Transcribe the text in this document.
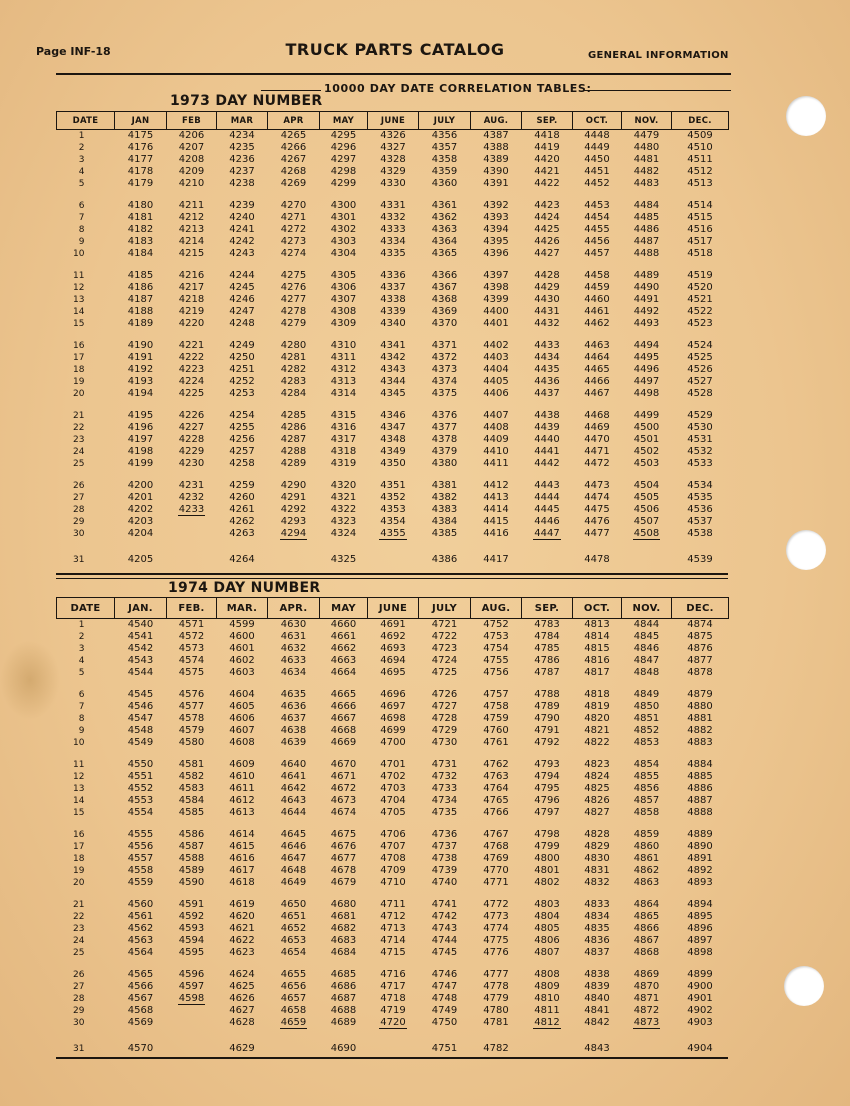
Page INF-18	TRUCK PARTS CATALOG	GENERAL INFORMATION
10000 DAY DATE CORRELATION TABLES:
1973 DAY NUMBER
DATE	JAN	FEB	MAR	APR	MAY	JUNE	JULY	AUG.	SEP.	OCT.	NOV.	DEC.
1	4175	4206	4234	4265	4295	4326	4356	4387	4418	4448	4479	4509
2	4176	4207	4235	4266	4296	4327	4357	4388	4419	4449	4480	4510
3	4177	4208	4236	4267	4297	4328	4358	4389	4420	4450	4481	4511
4	4178	4209	4237	4268	4298	4329	4359	4390	4421	4451	4482	4512
5	4179	4210	4238	4269	4299	4330	4360	4391	4422	4452	4483	4513

6	4180	4211	4239	4270	4300	4331	4361	4392	4423	4453	4484	4514
7	4181	4212	4240	4271	4301	4332	4362	4393	4424	4454	4485	4515
8	4182	4213	4241	4272	4302	4333	4363	4394	4425	4455	4486	4516
9	4183	4214	4242	4273	4303	4334	4364	4395	4426	4456	4487	4517
10	4184	4215	4243	4274	4304	4335	4365	4396	4427	4457	4488	4518

11	4185	4216	4244	4275	4305	4336	4366	4397	4428	4458	4489	4519
12	4186	4217	4245	4276	4306	4337	4367	4398	4429	4459	4490	4520
13	4187	4218	4246	4277	4307	4338	4368	4399	4430	4460	4491	4521
14	4188	4219	4247	4278	4308	4339	4369	4400	4431	4461	4492	4522
15	4189	4220	4248	4279	4309	4340	4370	4401	4432	4462	4493	4523

16	4190	4221	4249	4280	4310	4341	4371	4402	4433	4463	4494	4524
17	4191	4222	4250	4281	4311	4342	4372	4403	4434	4464	4495	4525
18	4192	4223	4251	4282	4312	4343	4373	4404	4435	4465	4496	4526
19	4193	4224	4252	4283	4313	4344	4374	4405	4436	4466	4497	4527
20	4194	4225	4253	4284	4314	4345	4375	4406	4437	4467	4498	4528

21	4195	4226	4254	4285	4315	4346	4376	4407	4438	4468	4499	4529
22	4196	4227	4255	4286	4316	4347	4377	4408	4439	4469	4500	4530
23	4197	4228	4256	4287	4317	4348	4378	4409	4440	4470	4501	4531
24	4198	4229	4257	4288	4318	4349	4379	4410	4441	4471	4502	4532
25	4199	4230	4258	4289	4319	4350	4380	4411	4442	4472	4503	4533

26	4200	4231	4259	4290	4320	4351	4381	4412	4443	4473	4504	4534
27	4201	4232	4260	4291	4321	4352	4382	4413	4444	4474	4505	4535
28	4202	4233	4261	4292	4322	4353	4383	4414	4445	4475	4506	4536
29	4203		4262	4293	4323	4354	4384	4415	4446	4476	4507	4537
30	4204		4263	4294	4324	4355	4385	4416	4447	4477	4508	4538

31	4205		4264		4325		4386	4417		4478		4539
1974 DAY NUMBER
DATE	JAN.	FEB.	MAR.	APR.	MAY	JUNE	JULY	AUG.	SEP.	OCT.	NOV.	DEC.
1	4540	4571	4599	4630	4660	4691	4721	4752	4783	4813	4844	4874
2	4541	4572	4600	4631	4661	4692	4722	4753	4784	4814	4845	4875
3	4542	4573	4601	4632	4662	4693	4723	4754	4785	4815	4846	4876
4	4543	4574	4602	4633	4663	4694	4724	4755	4786	4816	4847	4877
5	4544	4575	4603	4634	4664	4695	4725	4756	4787	4817	4848	4878

6	4545	4576	4604	4635	4665	4696	4726	4757	4788	4818	4849	4879
7	4546	4577	4605	4636	4666	4697	4727	4758	4789	4819	4850	4880
8	4547	4578	4606	4637	4667	4698	4728	4759	4790	4820	4851	4881
9	4548	4579	4607	4638	4668	4699	4729	4760	4791	4821	4852	4882
10	4549	4580	4608	4639	4669	4700	4730	4761	4792	4822	4853	4883

11	4550	4581	4609	4640	4670	4701	4731	4762	4793	4823	4854	4884
12	4551	4582	4610	4641	4671	4702	4732	4763	4794	4824	4855	4885
13	4552	4583	4611	4642	4672	4703	4733	4764	4795	4825	4856	4886
14	4553	4584	4612	4643	4673	4704	4734	4765	4796	4826	4857	4887
15	4554	4585	4613	4644	4674	4705	4735	4766	4797	4827	4858	4888

16	4555	4586	4614	4645	4675	4706	4736	4767	4798	4828	4859	4889
17	4556	4587	4615	4646	4676	4707	4737	4768	4799	4829	4860	4890
18	4557	4588	4616	4647	4677	4708	4738	4769	4800	4830	4861	4891
19	4558	4589	4617	4648	4678	4709	4739	4770	4801	4831	4862	4892
20	4559	4590	4618	4649	4679	4710	4740	4771	4802	4832	4863	4893

21	4560	4591	4619	4650	4680	4711	4741	4772	4803	4833	4864	4894
22	4561	4592	4620	4651	4681	4712	4742	4773	4804	4834	4865	4895
23	4562	4593	4621	4652	4682	4713	4743	4774	4805	4835	4866	4896
24	4563	4594	4622	4653	4683	4714	4744	4775	4806	4836	4867	4897
25	4564	4595	4623	4654	4684	4715	4745	4776	4807	4837	4868	4898

26	4565	4596	4624	4655	4685	4716	4746	4777	4808	4838	4869	4899
27	4566	4597	4625	4656	4686	4717	4747	4778	4809	4839	4870	4900
28	4567	4598	4626	4657	4687	4718	4748	4779	4810	4840	4871	4901
29	4568		4627	4658	4688	4719	4749	4780	4811	4841	4872	4902
30	4569		4628	4659	4689	4720	4750	4781	4812	4842	4873	4903

31	4570		4629		4690		4751	4782		4843		4904
